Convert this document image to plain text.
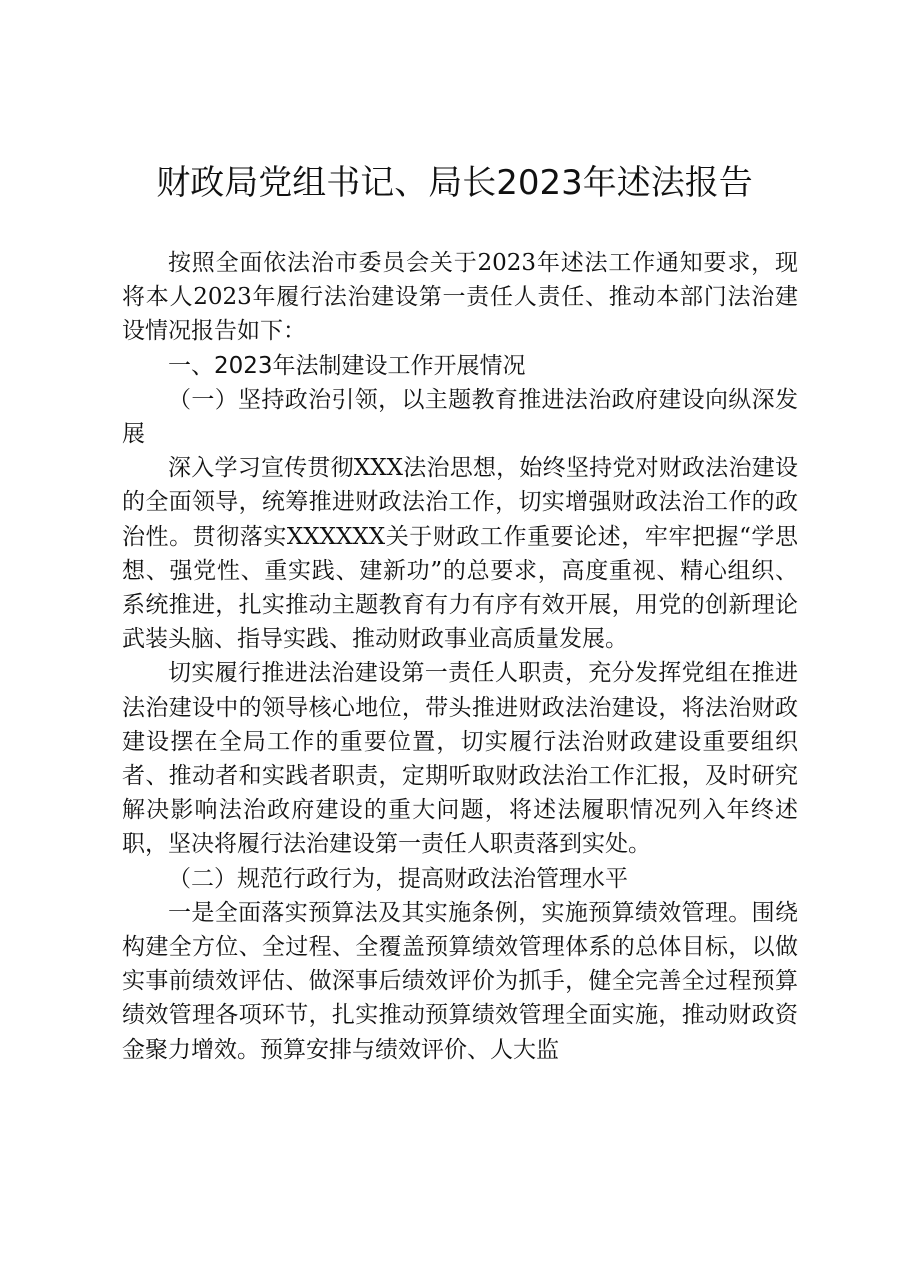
财政局党组书记、局长2023年述法报告

按照全面依法治市委员会关于2023年述法工作通知要求，现将本人2023年履行法治建设第一责任人责任、推动本部门法治建设情况报告如下：

一、2023年法制建设工作开展情况

（一）坚持政治引领，以主题教育推进法治政府建设向纵深发展

深入学习宣传贯彻XXX法治思想，始终坚持党对财政法治建设的全面领导，统筹推进财政法治工作，切实增强财政法治工作的政治性。贯彻落实XXXXXX关于财政工作重要论述，牢牢把握“学思想、强党性、重实践、建新功”的总要求，高度重视、精心组织、系统推进，扎实推动主题教育有力有序有效开展，用党的创新理论武装头脑、指导实践、推动财政事业高质量发展。

切实履行推进法治建设第一责任人职责，充分发挥党组在推进法治建设中的领导核心地位，带头推进财政法治建设，将法治财政建设摆在全局工作的重要位置，切实履行法治财政建设重要组织者、推动者和实践者职责，定期听取财政法治工作汇报，及时研究解决影响法治政府建设的重大问题，将述法履职情况列入年终述职，坚决将履行法治建设第一责任人职责落到实处。

（二）规范行政行为，提高财政法治管理水平

一是全面落实预算法及其实施条例，实施预算绩效管理。围绕构建全方位、全过程、全覆盖预算绩效管理体系的总体目标，以做实事前绩效评估、做深事后绩效评价为抓手，健全完善全过程预算绩效管理各项环节，扎实推动预算绩效管理全面实施，推动财政资金聚力增效。预算安排与绩效评价、人大监
